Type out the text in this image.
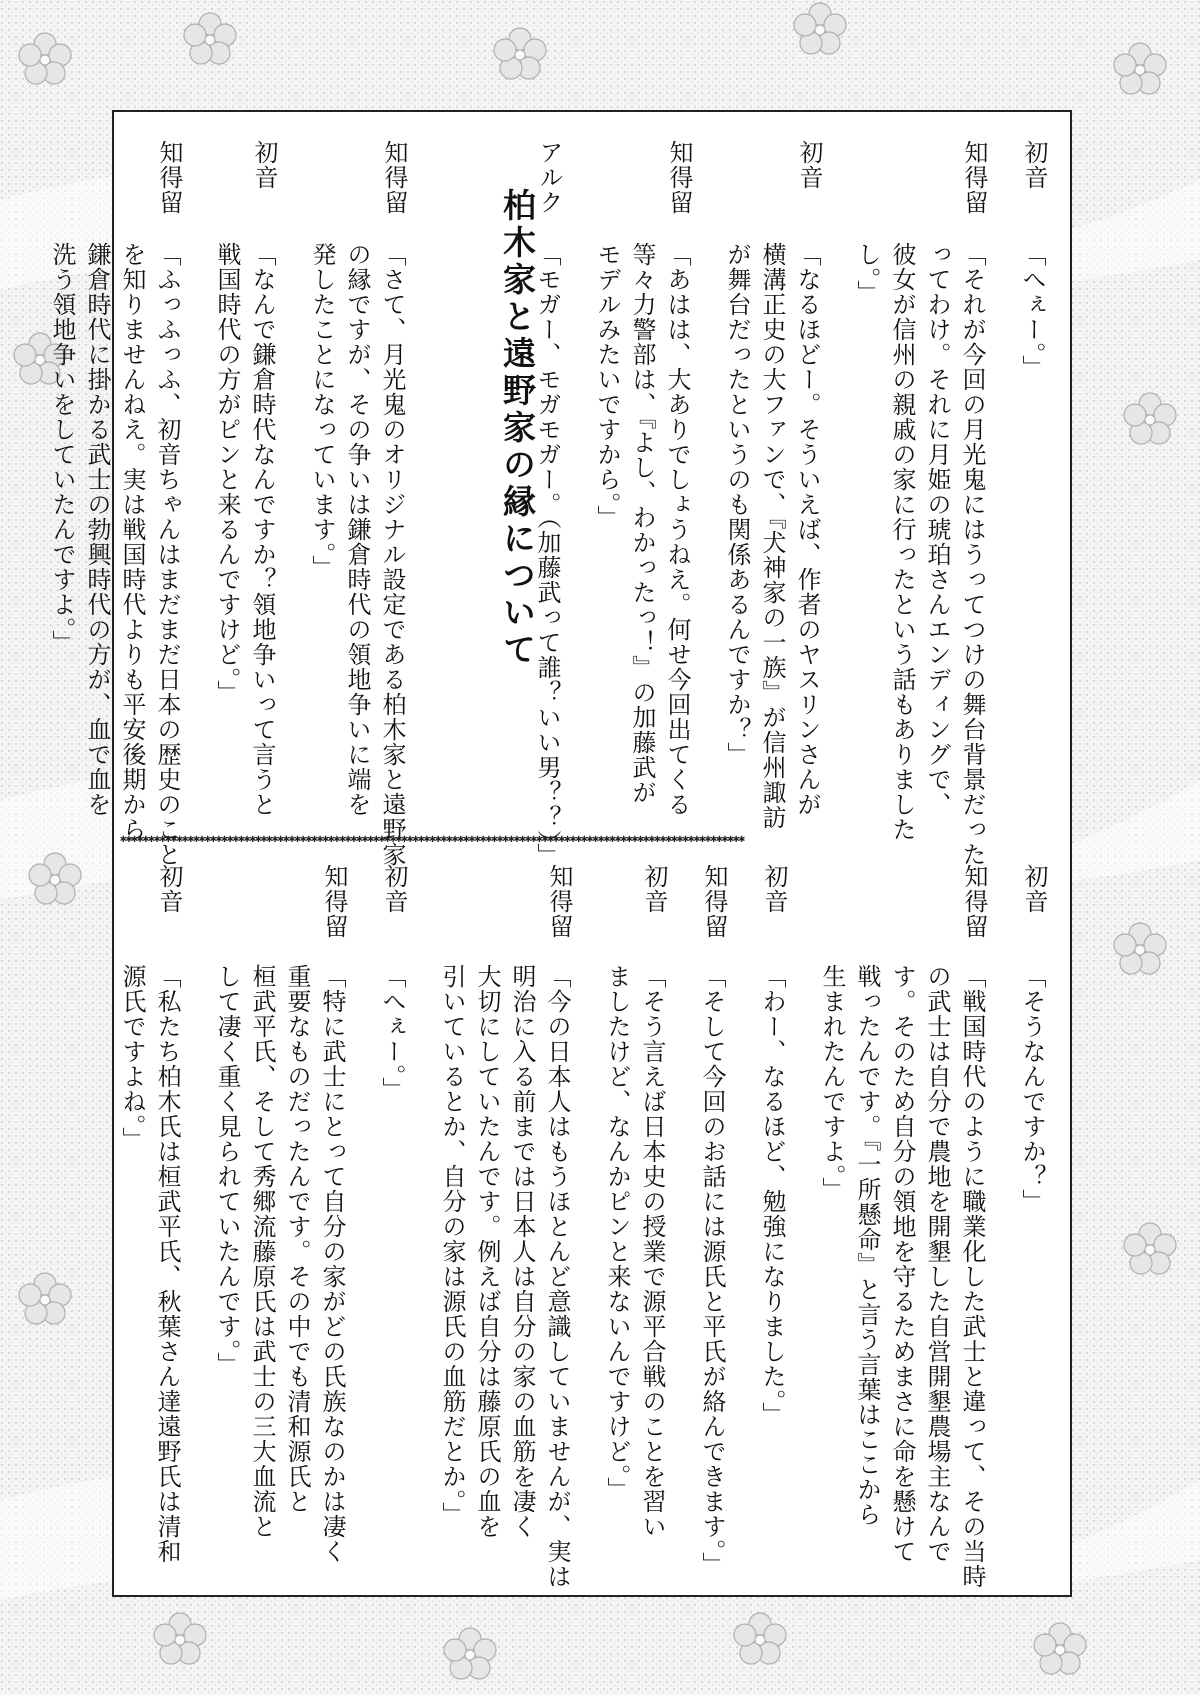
柏木家と遠野家の縁について
初音
「へぇー。」
知得留
「それが今回の月光鬼にはうってつけの舞台背景だった
ってわけ。それに月姫の琥珀さんエンディングで、
彼女が信州の親戚の家に行ったという話もありました
し。」
初音
「なるほどー。そういえば、作者のヤスリンさんが
横溝正史の大ファンで、『犬神家の一族』が信州諏訪
が舞台だったというのも関係あるんですか？」
知得留
「あはは、大ありでしょうねえ。何せ今回出てくる
等々力警部は、『よし、わかったっ！』の加藤武が
モデルみたいですから。」
アルク
「モガー、モガモガー。（加藤武って誰？いい男？？）」
知得留
「さて、月光鬼のオリジナル設定である柏木家と遠野家
の縁ですが、その争いは鎌倉時代の領地争いに端を
発したことになっています。」
初音
「なんで鎌倉時代なんですか？領地争いって言うと
戦国時代の方がピンと来るんですけど。」
知得留
「ふっふっふ、初音ちゃんはまだまだ日本の歴史のこと
を知りませんねえ。実は戦国時代よりも平安後期から
鎌倉時代に掛かる武士の勃興時代の方が、血で血を
洗う領地争いをしていたんですよ。」
✱✱✱✱✱✱✱✱✱✱✱✱✱✱✱✱✱✱✱✱✱✱✱✱✱✱✱✱✱✱✱✱✱✱✱✱✱✱✱✱✱✱✱✱✱✱✱✱✱✱✱✱✱✱✱✱✱✱✱✱✱✱✱✱✱✱✱✱✱✱✱✱✱✱✱✱✱✱✱✱✱✱✱✱✱✱✱✱✱✱✱✱✱✱✱✱✱✱✱✱✱✱✱✱✱✱✱✱✱✱✱
初音
「そうなんですか？」
知得留
「戦国時代のように職業化した武士と違って、その当時
の武士は自分で農地を開墾した自営開墾農場主なんで
す。そのため自分の領地を守るためまさに命を懸けて
戦ったんです。『一所懸命』と言う言葉はここから
生まれたんですよ。」
初音
「わー、なるほど、勉強になりました。」
知得留
「そして今回のお話には源氏と平氏が絡んできます。」
初音
「そう言えば日本史の授業で源平合戦のことを習い
ましたけど、なんかピンと来ないんですけど。」
知得留
「今の日本人はもうほとんど意識していませんが、実は
明治に入る前までは日本人は自分の家の血筋を凄く
大切にしていたんです。例えば自分は藤原氏の血を
引いているとか、自分の家は源氏の血筋だとか。」
初音
「へぇー。」
知得留
「特に武士にとって自分の家がどの氏族なのかは凄く
重要なものだったんです。その中でも清和源氏と
桓武平氏、そして秀郷流藤原氏は武士の三大血流と
して凄く重く見られていたんです。」
初音
「私たち柏木氏は桓武平氏、秋葉さん達遠野氏は清和
源氏ですよね。」
